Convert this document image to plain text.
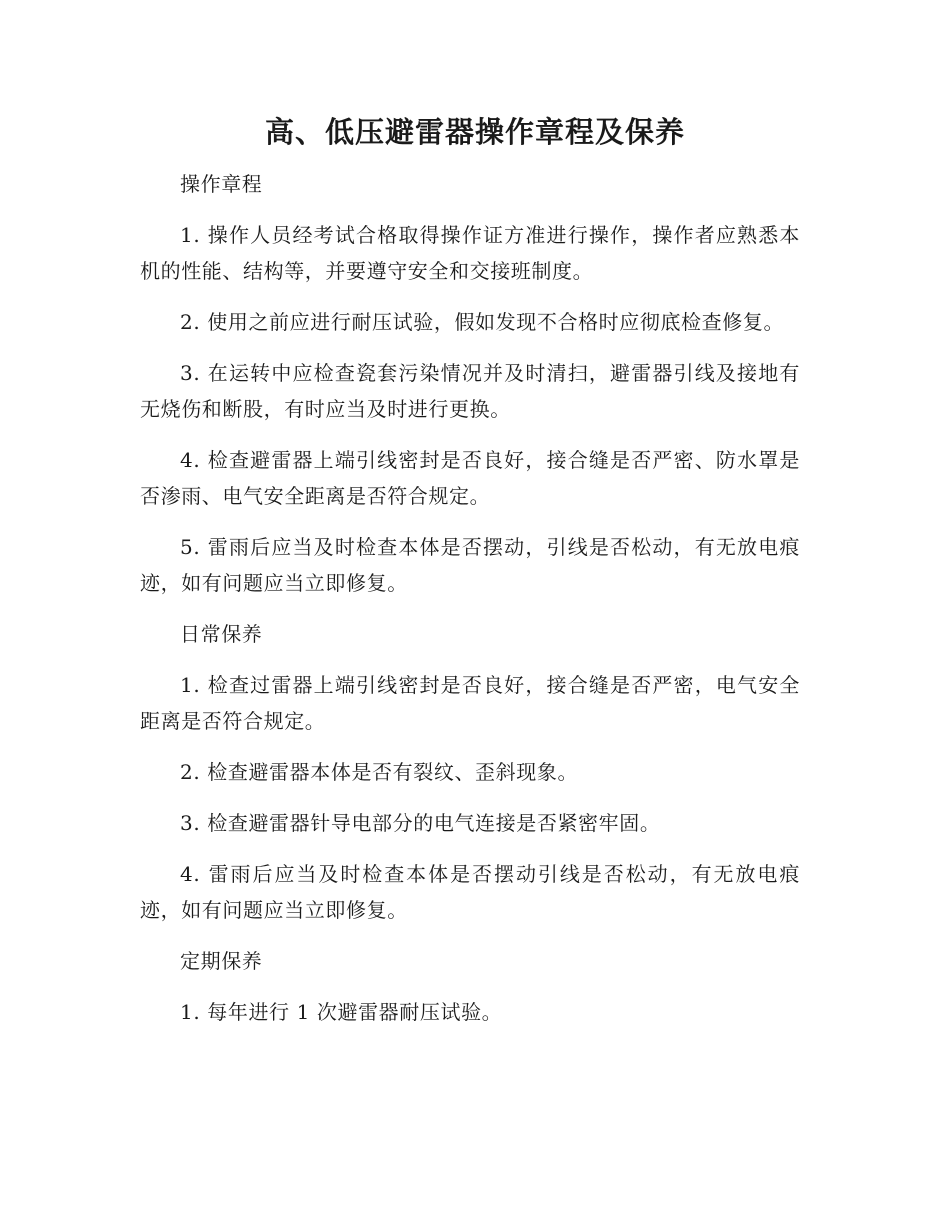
高、低压避雷器操作章程及保养

操作章程

1. 操作人员经考试合格取得操作证方准进行操作，操作者应熟悉本机的性能、结构等，并要遵守安全和交接班制度。

2. 使用之前应进行耐压试验，假如发现不合格时应彻底检查修复。

3. 在运转中应检查瓷套污染情况并及时清扫，避雷器引线及接地有无烧伤和断股，有时应当及时进行更换。

4. 检查避雷器上端引线密封是否良好，接合缝是否严密、防水罩是否渗雨、电气安全距离是否符合规定。

5. 雷雨后应当及时检查本体是否摆动，引线是否松动，有无放电痕迹，如有问题应当立即修复。

日常保养

1. 检查过雷器上端引线密封是否良好，接合缝是否严密，电气安全距离是否符合规定。

2. 检查避雷器本体是否有裂纹、歪斜现象。

3. 检查避雷器针导电部分的电气连接是否紧密牢固。

4. 雷雨后应当及时检查本体是否摆动引线是否松动，有无放电痕迹，如有问题应当立即修复。

定期保养

1. 每年进行 1 次避雷器耐压试验。
